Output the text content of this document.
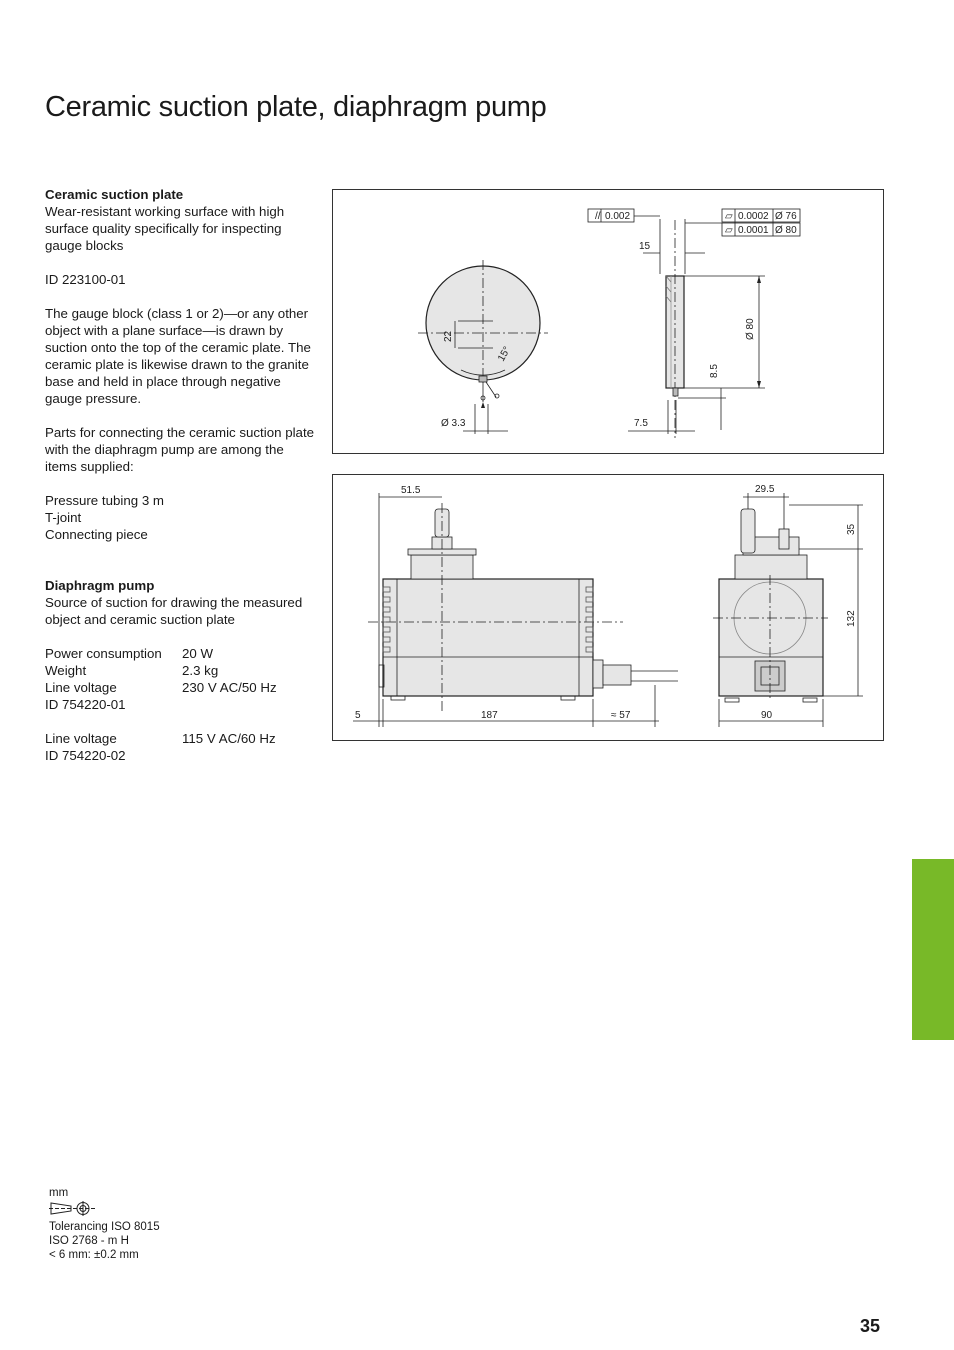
Ceramic suction plate, diaphragm pump
Ceramic suction plate
Wear-resistant working surface with high surface quality specifically for inspecting gauge blocks
ID 223100-01
The gauge block (class 1 or 2)—or any other object with a plane surface—is drawn by suction onto the top of the ceramic plate. The ceramic plate is likewise drawn to the granite base and held in place through negative gauge pressure.
Parts for connecting the ceramic suction plate with the diaphragm pump are among the items supplied:
Pressure tubing 3 m
T-joint
Connecting piece
Diaphragm pump
Source of suction for drawing the measured object and ceramic suction plate
Power consumption	20 W
Weight	2.3 kg
Line voltage	230 V AC/50 Hz
ID 754220-01
Line voltage	115 V AC/60 Hz
ID 754220-02
// 0.002	▱
▱
0.0002 Ø 76
0.0001 Ø 80
15
Ø 3.3	7.5
Ø 80
8.5
22
15°
51.5	29.5
5	187	≈ 57	90
35
132
mm
Tolerancing ISO 8015
ISO 2768 - m H
< 6 mm: ±0.2 mm
35
